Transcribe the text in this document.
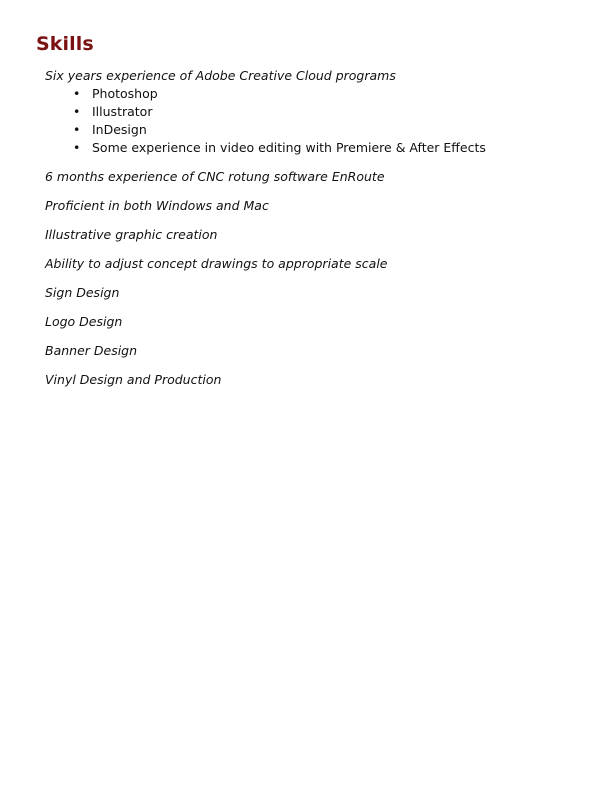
Skills

Six years experience of Adobe Creative Cloud programs

• Photoshop
• Illustrator
• InDesign
• Some experience in video editing with Premiere & After Effects

6 months experience of CNC rotung software EnRoute

Proficient in both Windows and Mac

Illustrative graphic creation

Ability to adjust concept drawings to appropriate scale

Sign Design

Logo Design

Banner Design

Vinyl Design and Production
